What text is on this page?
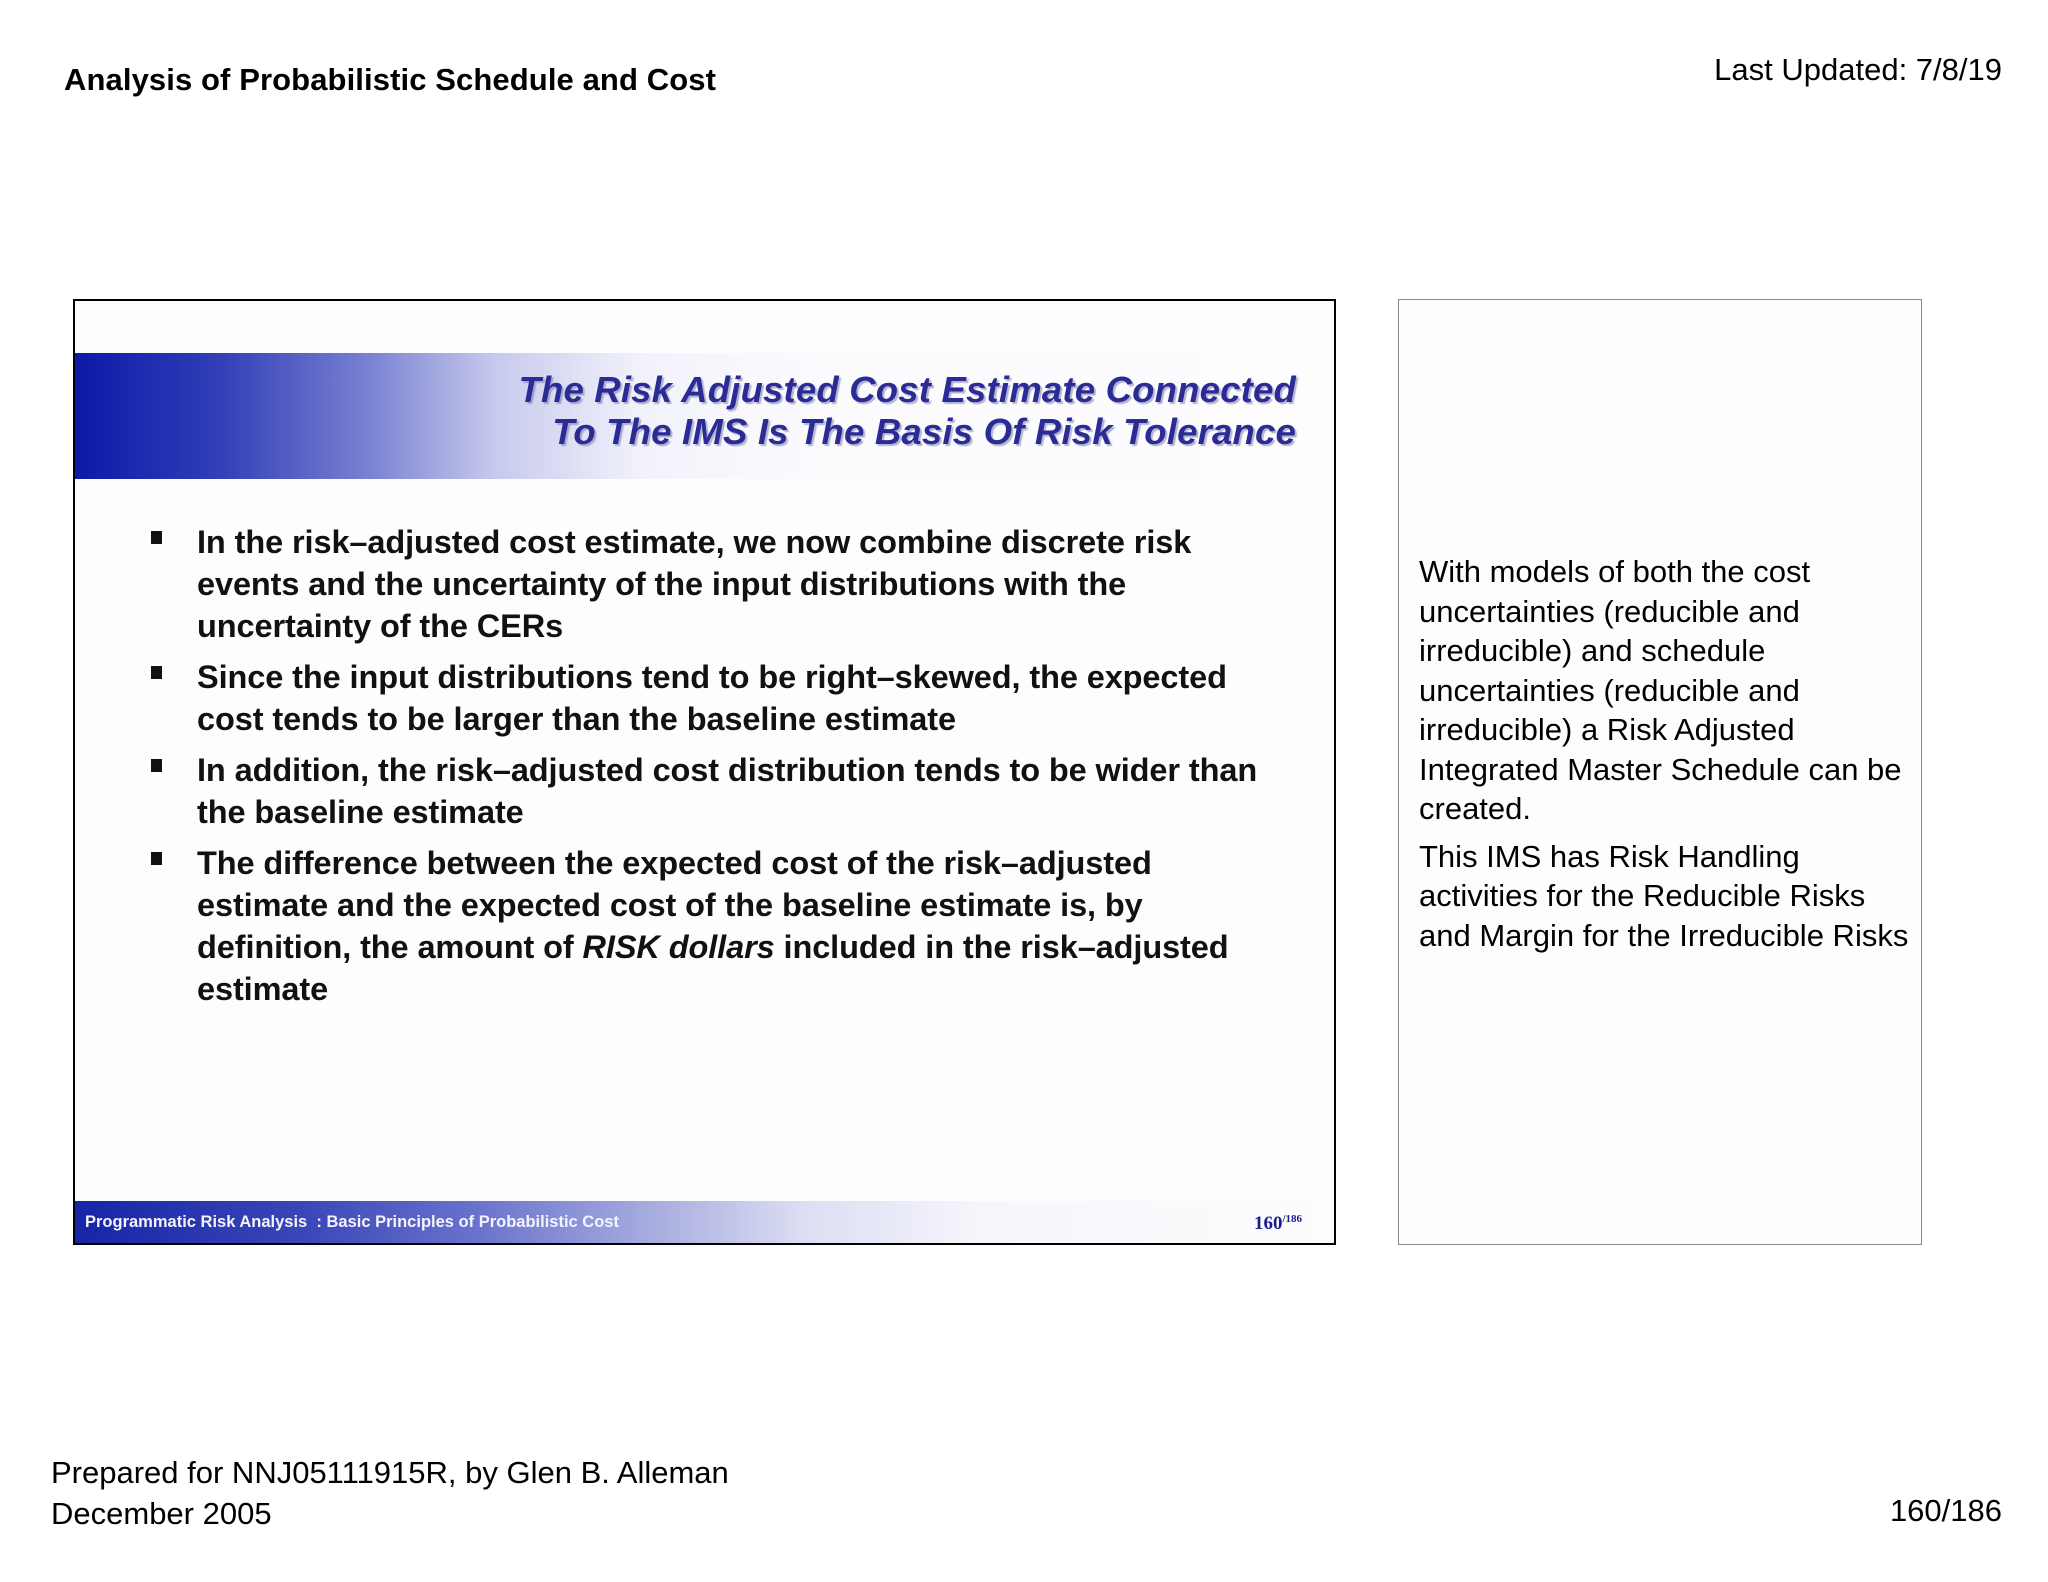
Analysis of Probabilistic Schedule and Cost	Last Updated: 7/8/19
The Risk Adjusted Cost Estimate Connected
To The IMS Is The Basis Of Risk Tolerance
In the risk–adjusted cost estimate, we now combine discrete risk events and the uncertainty of the input distributions with the uncertainty of the CERs
Since the input distributions tend to be right–skewed, the expected cost tends to be larger than the baseline estimate
In addition, the risk–adjusted cost distribution tends to be wider than the baseline estimate
The difference between the expected cost of the risk–adjusted estimate and the expected cost of the baseline estimate is, by definition, the amount of RISK dollars included in the risk–adjusted estimate
Programmatic Risk Analysis  : Basic Principles of Probabilistic Cost	$160^{/186}$

With models of both the cost uncertainties (reducible and irreducible) and schedule uncertainties (reducible and irreducible) a Risk Adjusted Integrated Master Schedule can be created.

This IMS has Risk Handling activities for the Reducible Risks and Margin for the Irreducible Risks

Prepared for NNJ05111915R, by Glen B. Alleman
December 2005	160/186
